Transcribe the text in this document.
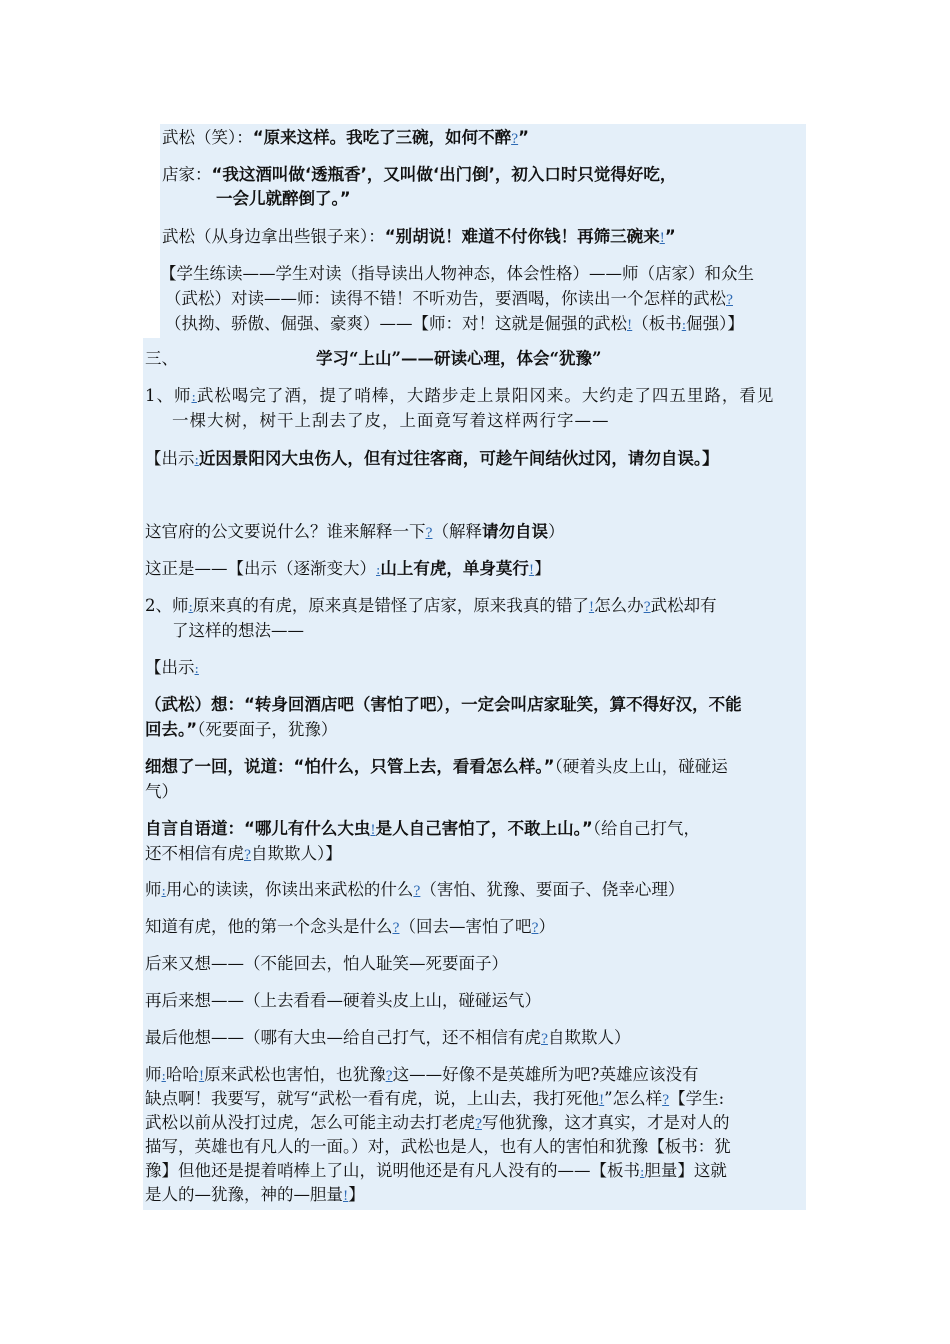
武松（笑）：“原来这样。我吃了三碗，如何不醉?”
店家：“我这酒叫做‘透瓶香’，又叫做‘出门倒’，初入口时只觉得好吃，
一会儿就醉倒了。”
武松（从身边拿出些银子来）：“别胡说！难道不付你钱！再筛三碗来!”
【学生练读——学生对读（指导读出人物神态，体会性格）——师（店家）和众生
（武松）对读——师：读得不错！不听劝告，要酒喝，你读出一个怎样的武松?
（执拗、骄傲、倔强、豪爽）——【师：对！这就是倔强的武松!（板书:倔强）】
三、	学习“上山”——研读心理，体会“犹豫”
1、师:武松喝完了酒，提了哨棒，大踏步走上景阳冈来。大约走了四五里路，看见
一棵大树，树干上刮去了皮，上面竟写着这样两行字——
【出示:近因景阳冈大虫伤人，但有过往客商，可趁午间结伙过冈，请勿自误。】
这官府的公文要说什么？谁来解释一下?（解释请勿自误）
这正是——【出示（逐渐变大）:山上有虎，单身莫行!】
2、师:原来真的有虎，原来真是错怪了店家，原来我真的错了!怎么办?武松却有
了这样的想法——
【出示:
（武松）想：“转身回酒店吧（害怕了吧），一定会叫店家耻笑，算不得好汉，不能
回去。”（死要面子，犹豫）
细想了一回，说道：“怕什么，只管上去，看看怎么样。”（硬着头皮上山，碰碰运
气）
自言自语道：“哪儿有什么大虫!是人自己害怕了，不敢上山。”（给自己打气，
还不相信有虎?自欺欺人）】
师:用心的读读，你读出来武松的什么?（害怕、犹豫、要面子、侥幸心理）
知道有虎，他的第一个念头是什么?（回去—害怕了吧?）
后来又想——（不能回去，怕人耻笑—死要面子）
再后来想——（上去看看—硬着头皮上山，碰碰运气）
最后他想——（哪有大虫—给自己打气，还不相信有虎?自欺欺人）
师:哈哈!原来武松也害怕，也犹豫?这——好像不是英雄所为吧?英雄应该没有
缺点啊！我要写，就写“武松一看有虎，说，上山去，我打死他!”怎么样?【学生:
武松以前从没打过虎，怎么可能主动去打老虎?写他犹豫，这才真实，才是对人的
描写，英雄也有凡人的一面。）对，武松也是人，也有人的害怕和犹豫【板书：犹
豫】但他还是提着哨棒上了山，说明他还是有凡人没有的——【板书:胆量】这就
是人的—犹豫，神的—胆量!】
